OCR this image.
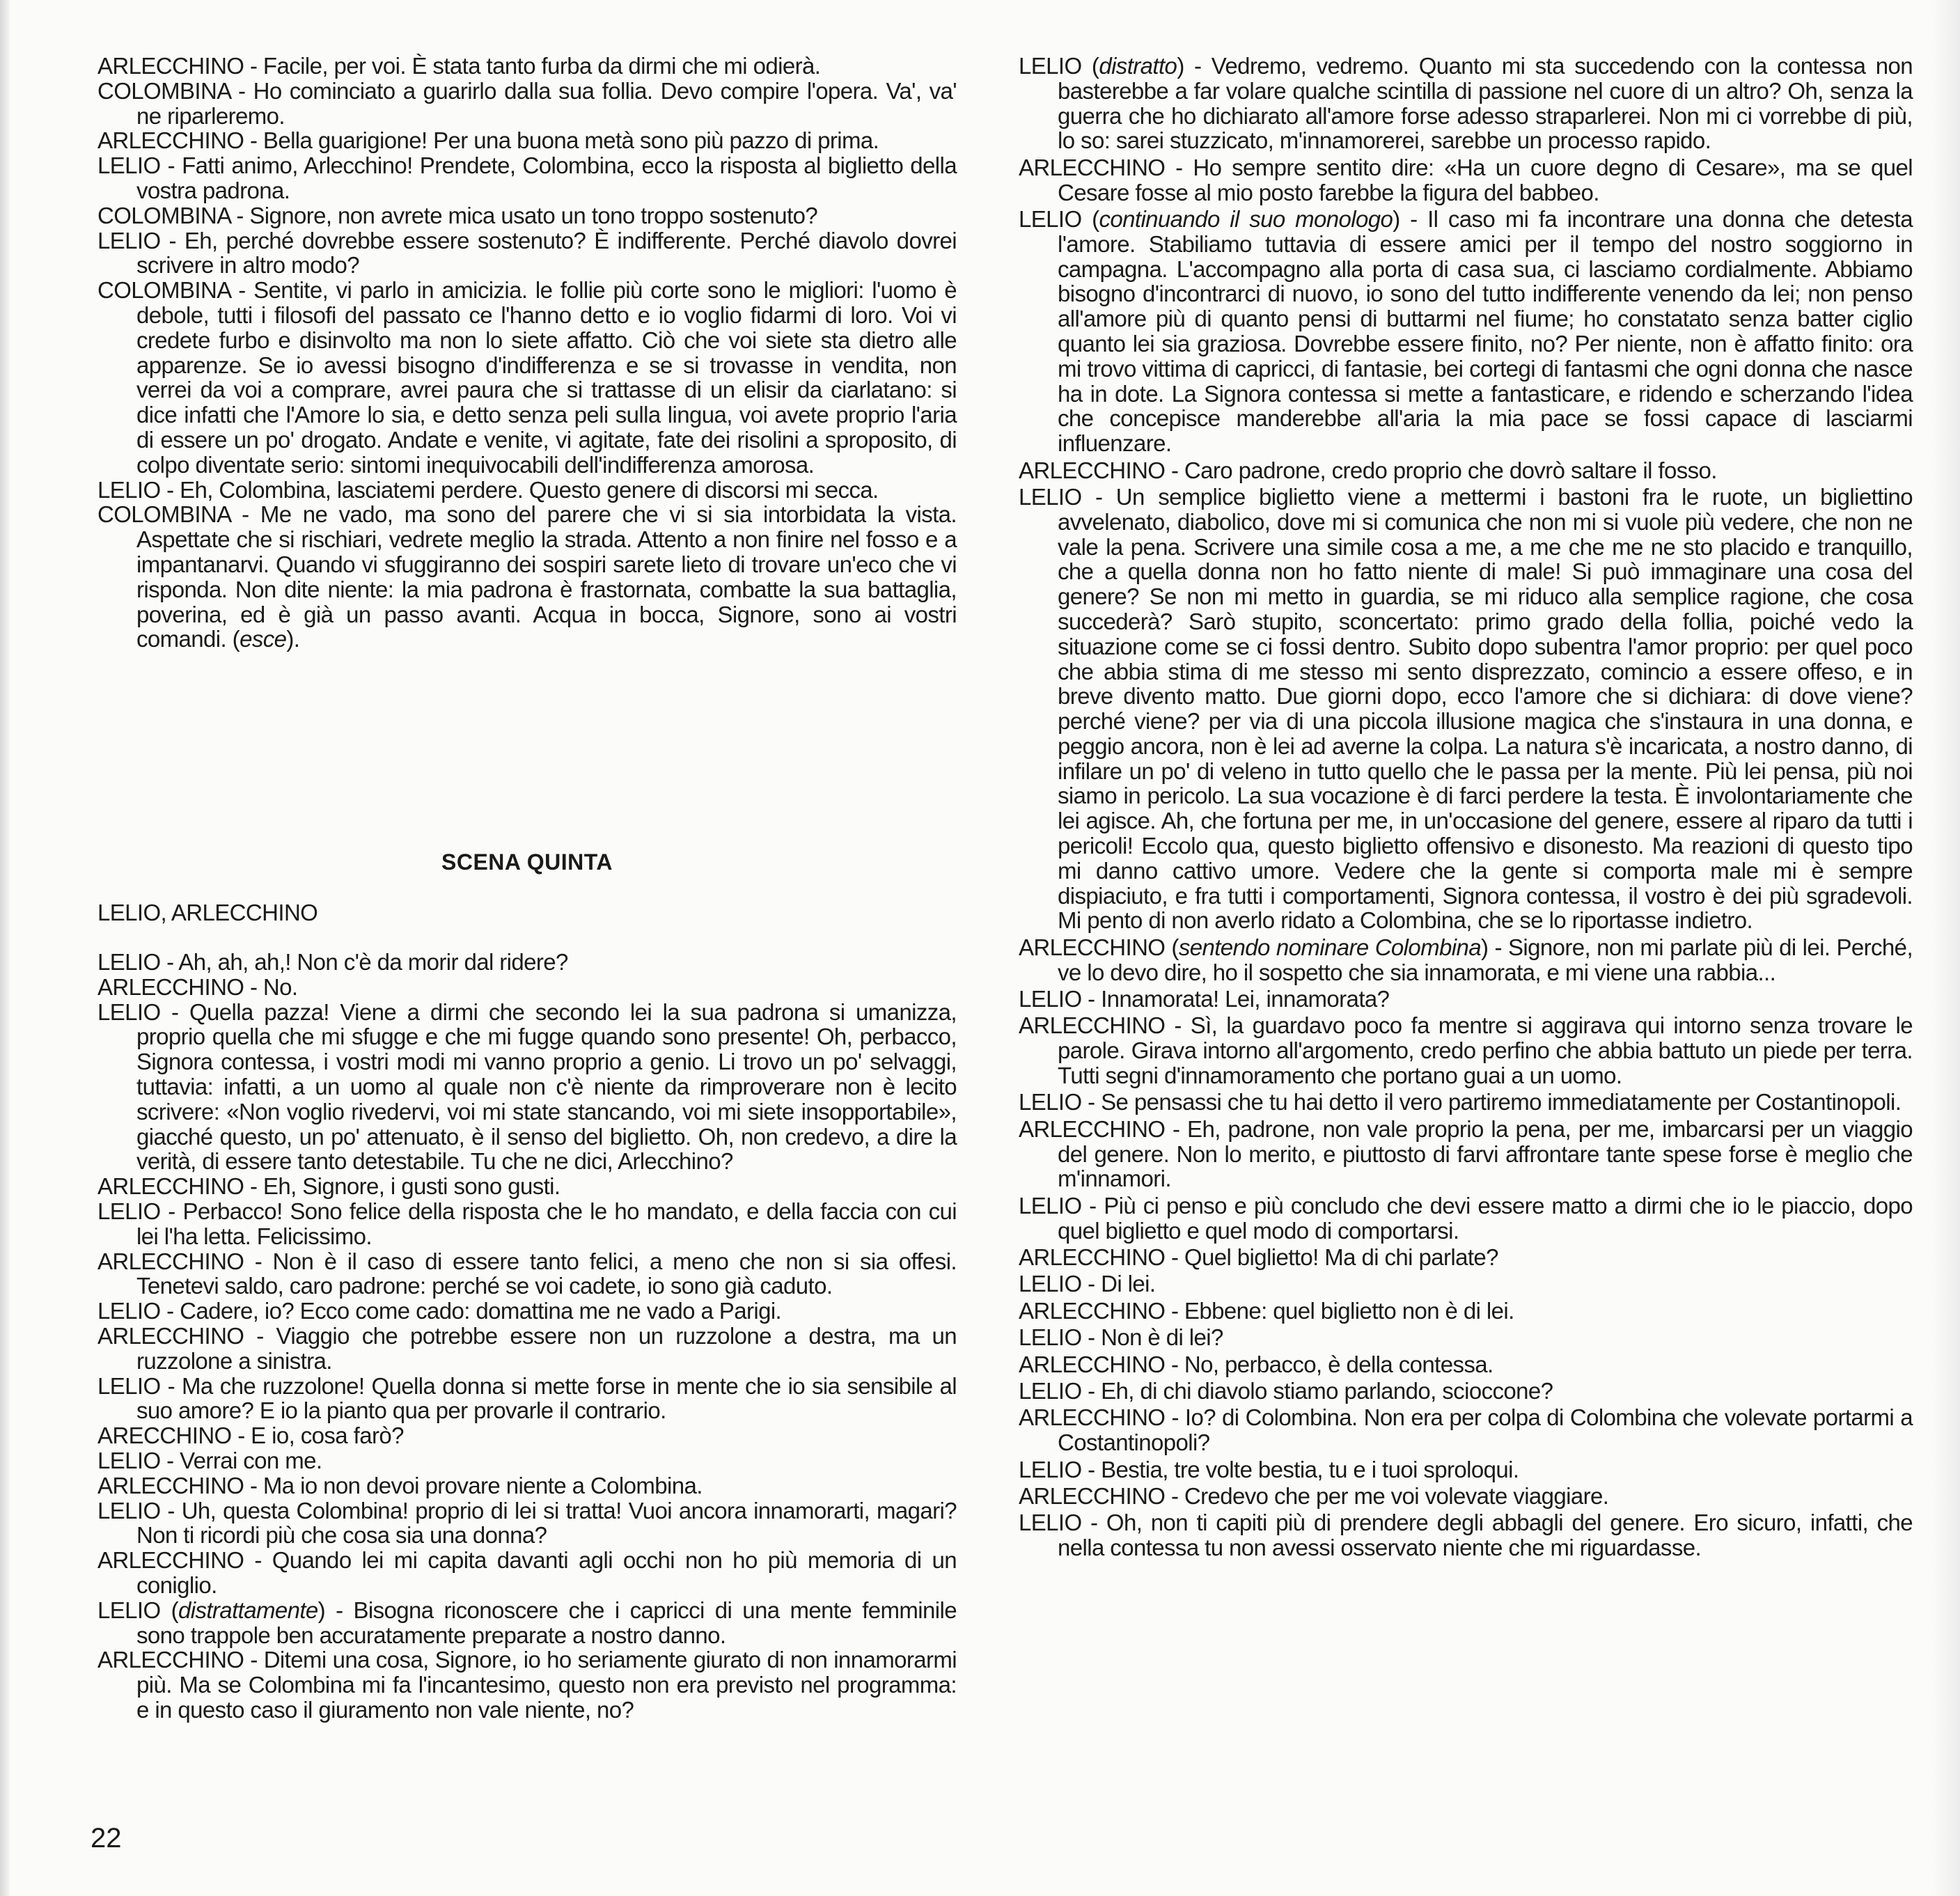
ARLECCHINO - Facile, per voi. È stata tanto furba da dirmi che mi odierà.
COLOMBINA - Ho cominciato a guarirlo dalla sua follia. Devo compire l'opera. Va', va' ne riparleremo.
ARLECCHINO - Bella guarigione! Per una buona metà sono più pazzo di prima.
LELIO - Fatti animo, Arlecchino! Prendete, Colombina, ecco la risposta al biglietto della vostra padrona.
COLOMBINA - Signore, non avrete mica usato un tono troppo sostenuto?
LELIO - Eh, perché dovrebbe essere sostenuto? È indifferente. Perché diavolo dovrei scrivere in altro modo?
COLOMBINA - Sentite, vi parlo in amicizia. le follie più corte sono le migliori: l'uomo è debole, tutti i filosofi del passato ce l'hanno detto e io voglio fidarmi di loro. Voi vi credete furbo e disinvolto ma non lo siete affatto. Ciò che voi siete sta dietro alle apparenze. Se io avessi bisogno d'indifferenza e se si trovasse in vendita, non verrei da voi a comprare, avrei paura che si trattasse di un elisir da ciarlatano: si dice infatti che l'Amore lo sia, e detto senza peli sulla lingua, voi avete proprio l'aria di essere un po' drogato. Andate e venite, vi agitate, fate dei risolini a sproposito, di colpo diventate serio: sintomi inequivocabili dell'indifferenza amorosa.
LELIO - Eh, Colombina, lasciatemi perdere. Questo genere di discorsi mi secca.
COLOMBINA - Me ne vado, ma sono del parere che vi si sia intorbidata la vista. Aspettate che si rischiari, vedrete meglio la strada. Attento a non finire nel fosso e a impantanarvi. Quando vi sfuggiranno dei sospiri sarete lieto di trovare un'eco che vi risponda. Non dite niente: la mia padrona è frastornata, combatte la sua battaglia, poverina, ed è già un passo avanti. Acqua in bocca, Signore, sono ai vostri comandi. (esce).
SCENA QUINTA
LELIO, ARLECCHINO
LELIO - Ah, ah, ah,! Non c'è da morir dal ridere?
ARLECCHINO - No.
LELIO - Quella pazza! Viene a dirmi che secondo lei la sua padrona si umanizza, proprio quella che mi sfugge e che mi fugge quando sono presente! Oh, perbacco, Signora contessa, i vostri modi mi vanno proprio a genio. Li trovo un po' selvaggi, tuttavia: infatti, a un uomo al quale non c'è niente da rimproverare non è lecito scrivere: «Non voglio rivedervi, voi mi state stancando, voi mi siete insopportabile», giacché questo, un po' attenuato, è il senso del biglietto. Oh, non credevo, a dire la verità, di essere tanto detestabile. Tu che ne dici, Arlecchino?
ARLECCHINO - Eh, Signore, i gusti sono gusti.
LELIO - Perbacco! Sono felice della risposta che le ho mandato, e della faccia con cui lei l'ha letta. Felicissimo.
ARLECCHINO - Non è il caso di essere tanto felici, a meno che non si sia offesi. Tenetevi saldo, caro padrone: perché se voi cadete, io sono già caduto.
LELIO - Cadere, io? Ecco come cado: domattina me ne vado a Parigi.
ARLECCHINO - Viaggio che potrebbe essere non un ruzzolone a destra, ma un ruzzolone a sinistra.
LELIO - Ma che ruzzolone! Quella donna si mette forse in mente che io sia sensibile al suo amore? E io la pianto qua per provarle il contrario.
ARECCHINO - E io, cosa farò?
LELIO - Verrai con me.
ARLECCHINO - Ma io non devoi provare niente a Colombina.
LELIO - Uh, questa Colombina! proprio di lei si tratta! Vuoi ancora innamorarti, magari? Non ti ricordi più che cosa sia una donna?
ARLECCHINO - Quando lei mi capita davanti agli occhi non ho più memoria di un coniglio.
LELIO (distrattamente) - Bisogna riconoscere che i capricci di una mente femminile sono trappole ben accuratamente preparate a nostro danno.
ARLECCHINO - Ditemi una cosa, Signore, io ho seriamente giurato di non innamorarmi più. Ma se Colombina mi fa l'incantesimo, questo non era previsto nel programma: e in questo caso il giuramento non vale niente, no?
LELIO (distratto) - Vedremo, vedremo. Quanto mi sta succedendo con la contessa non basterebbe a far volare qualche scintilla di passione nel cuore di un altro? Oh, senza la guerra che ho dichiarato all'amore forse adesso straparlerei. Non mi ci vorrebbe di più, lo so: sarei stuzzicato, m'innamorerei, sarebbe un processo rapido.
ARLECCHINO - Ho sempre sentito dire: «Ha un cuore degno di Cesare», ma se quel Cesare fosse al mio posto farebbe la figura del babbeo.
LELIO (continuando il suo monologo) - Il caso mi fa incontrare una donna che detesta l'amore. Stabiliamo tuttavia di essere amici per il tempo del nostro soggiorno in campagna. L'accompagno alla porta di casa sua, ci lasciamo cordialmente. Abbiamo bisogno d'incontrarci di nuovo, io sono del tutto indifferente venendo da lei; non penso all'amore più di quanto pensi di buttarmi nel fiume; ho constatato senza batter ciglio quanto lei sia graziosa. Dovrebbe essere finito, no? Per niente, non è affatto finito: ora mi trovo vittima di capricci, di fantasie, bei cortegi di fantasmi che ogni donna che nasce ha in dote. La Signora contessa si mette a fantasticare, e ridendo e scherzando l'idea che concepisce manderebbe all'aria la mia pace se fossi capace di lasciarmi influenzare.
ARLECCHINO - Caro padrone, credo proprio che dovrò saltare il fosso.
LELIO - Un semplice biglietto viene a mettermi i bastoni fra le ruote, un bigliettino avvelenato, diabolico, dove mi si comunica che non mi si vuole più vedere, che non ne vale la pena. Scrivere una simile cosa a me, a me che me ne sto placido e tranquillo, che a quella donna non ho fatto niente di male! Si può immaginare una cosa del genere? Se non mi metto in guardia, se mi riduco alla semplice ragione, che cosa succederà? Sarò stupito, sconcertato: primo grado della follia, poiché vedo la situazione come se ci fossi dentro. Subito dopo subentra l'amor proprio: per quel poco che abbia stima di me stesso mi sento disprezzato, comincio a essere offeso, e in breve divento matto. Due giorni dopo, ecco l'amore che si dichiara: di dove viene? perché viene? per via di una piccola illusione magica che s'instaura in una donna, e peggio ancora, non è lei ad averne la colpa. La natura s'è incaricata, a nostro danno, di infilare un po' di veleno in tutto quello che le passa per la mente. Più lei pensa, più noi siamo in pericolo. La sua vocazione è di farci perdere la testa. È involontariamente che lei agisce. Ah, che fortuna per me, in un'occasione del genere, essere al riparo da tutti i pericoli! Eccolo qua, questo biglietto offensivo e disonesto. Ma reazioni di questo tipo mi danno cattivo umore. Vedere che la gente si comporta male mi è sempre dispiaciuto, e fra tutti i comportamenti, Signora contessa, il vostro è dei più sgradevoli. Mi pento di non averlo ridato a Colombina, che se lo riportasse indietro.
ARLECCHINO (sentendo nominare Colombina) - Signore, non mi parlate più di lei. Perché, ve lo devo dire, ho il sospetto che sia innamorata, e mi viene una rabbia...
LELIO - Innamorata! Lei, innamorata?
ARLECCHINO - Sì, la guardavo poco fa mentre si aggirava qui intorno senza trovare le parole. Girava intorno all'argomento, credo perfino che abbia battuto un piede per terra. Tutti segni d'innamoramento che portano guai a un uomo.
LELIO - Se pensassi che tu hai detto il vero partiremo immediatamente per Costantinopoli.
ARLECCHINO - Eh, padrone, non vale proprio la pena, per me, imbarcarsi per un viaggio del genere. Non lo merito, e piuttosto di farvi affrontare tante spese forse è meglio che m'innamori.
LELIO - Più ci penso e più concludo che devi essere matto a dirmi che io le piaccio, dopo quel biglietto e quel modo di comportarsi.
ARLECCHINO - Quel biglietto! Ma di chi parlate?
LELIO - Di lei.
ARLECCHINO - Ebbene: quel biglietto non è di lei.
LELIO - Non è di lei?
ARLECCHINO - No, perbacco, è della contessa.
LELIO - Eh, di chi diavolo stiamo parlando, scioccone?
ARLECCHINO - Io? di Colombina. Non era per colpa di Colombina che volevate portarmi a Costantinopoli?
LELIO - Bestia, tre volte bestia, tu e i tuoi sproloqui.
ARLECCHINO - Credevo che per me voi volevate viaggiare.
LELIO - Oh, non ti capiti più di prendere degli abbagli del genere. Ero sicuro, infatti, che nella contessa tu non avessi osservato niente che mi riguardasse.
22
